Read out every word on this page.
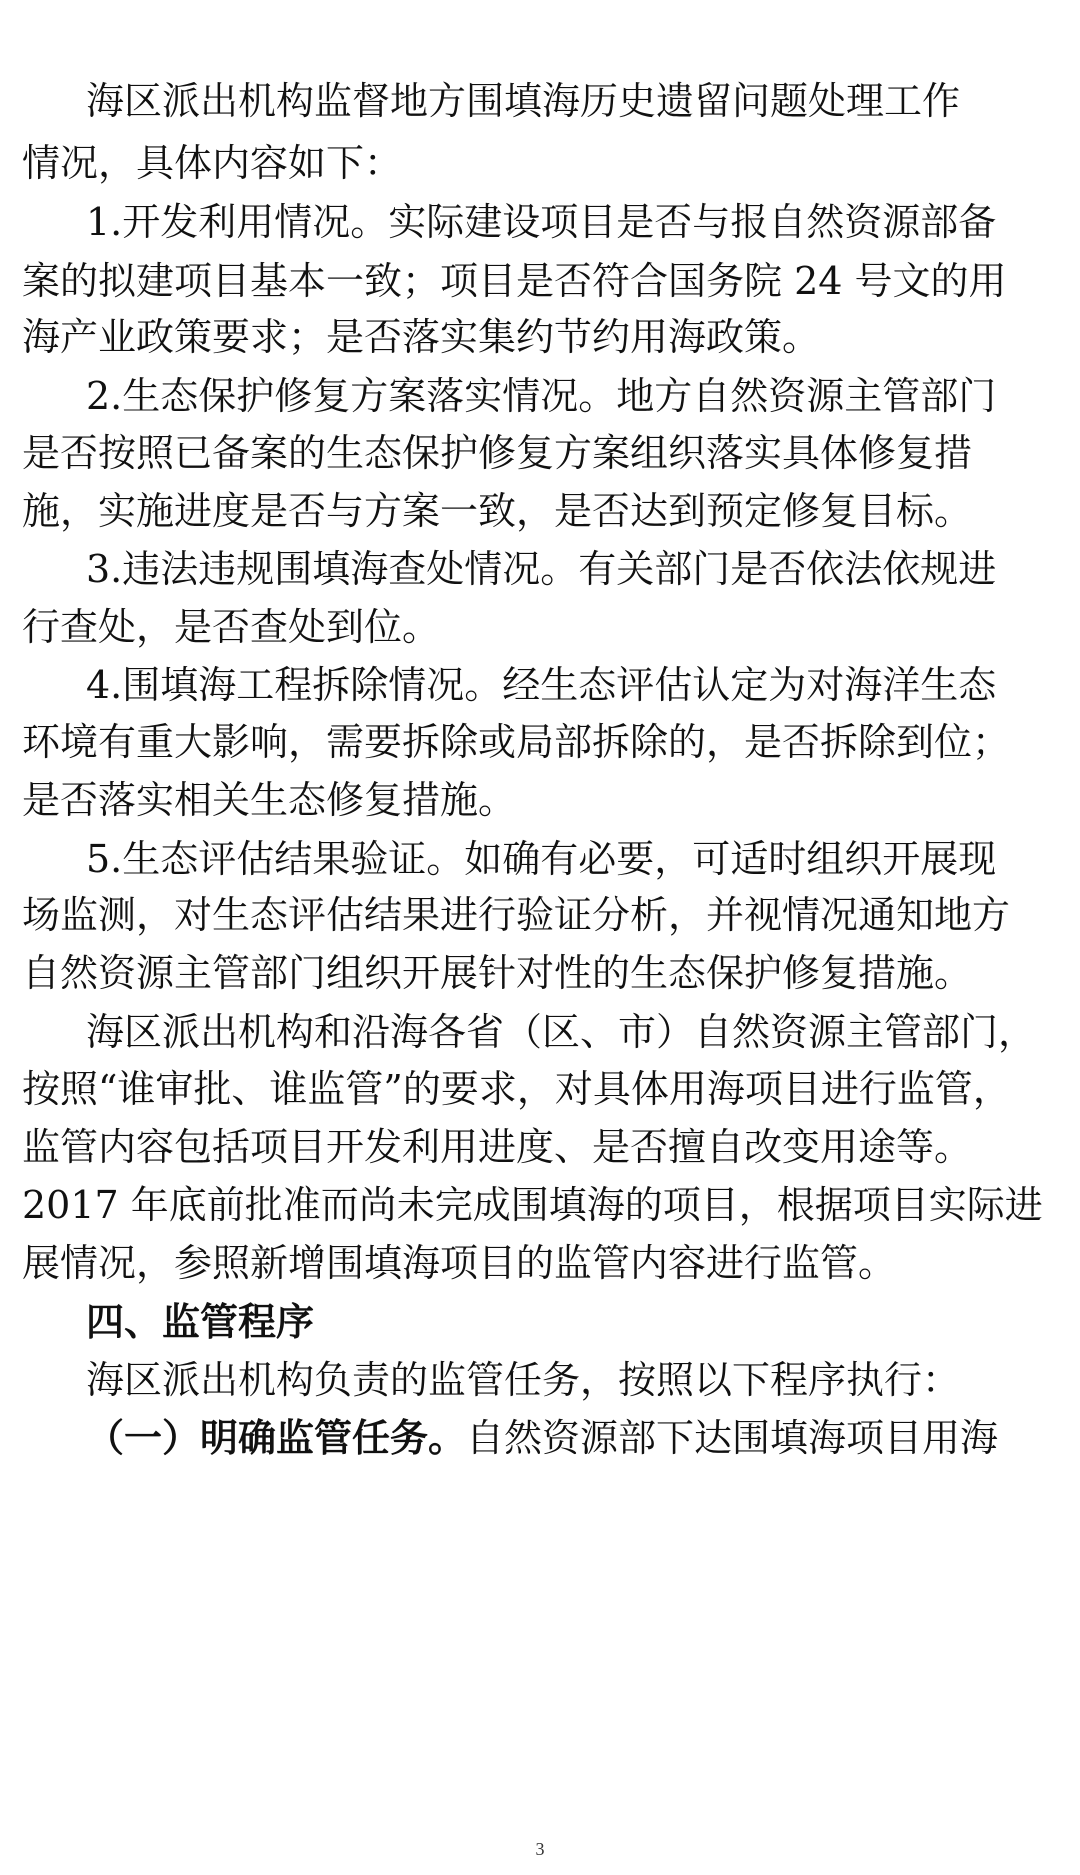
海区派出机构监督地方围填海历史遗留问题处理工作
情况，具体内容如下：
1.开发利用情况。实际建设项目是否与报自然资源部备
案的拟建项目基本一致；项目是否符合国务院 24 号文的用
海产业政策要求；是否落实集约节约用海政策。
2.生态保护修复方案落实情况。地方自然资源主管部门
是否按照已备案的生态保护修复方案组织落实具体修复措
施，实施进度是否与方案一致，是否达到预定修复目标。
3.违法违规围填海查处情况。有关部门是否依法依规进
行查处，是否查处到位。
4.围填海工程拆除情况。经生态评估认定为对海洋生态
环境有重大影响，需要拆除或局部拆除的，是否拆除到位；
是否落实相关生态修复措施。
5.生态评估结果验证。如确有必要，可适时组织开展现
场监测，对生态评估结果进行验证分析，并视情况通知地方
自然资源主管部门组织开展针对性的生态保护修复措施。
海区派出机构和沿海各省（区、市）自然资源主管部门，
按照“谁审批、谁监管”的要求，对具体用海项目进行监管，
监管内容包括项目开发利用进度、是否擅自改变用途等。
2017 年底前批准而尚未完成围填海的项目，根据项目实际进
展情况，参照新增围填海项目的监管内容进行监管。
四、监管程序
海区派出机构负责的监管任务，按照以下程序执行：
（一）明确监管任务。自然资源部下达围填海项目用海
3
